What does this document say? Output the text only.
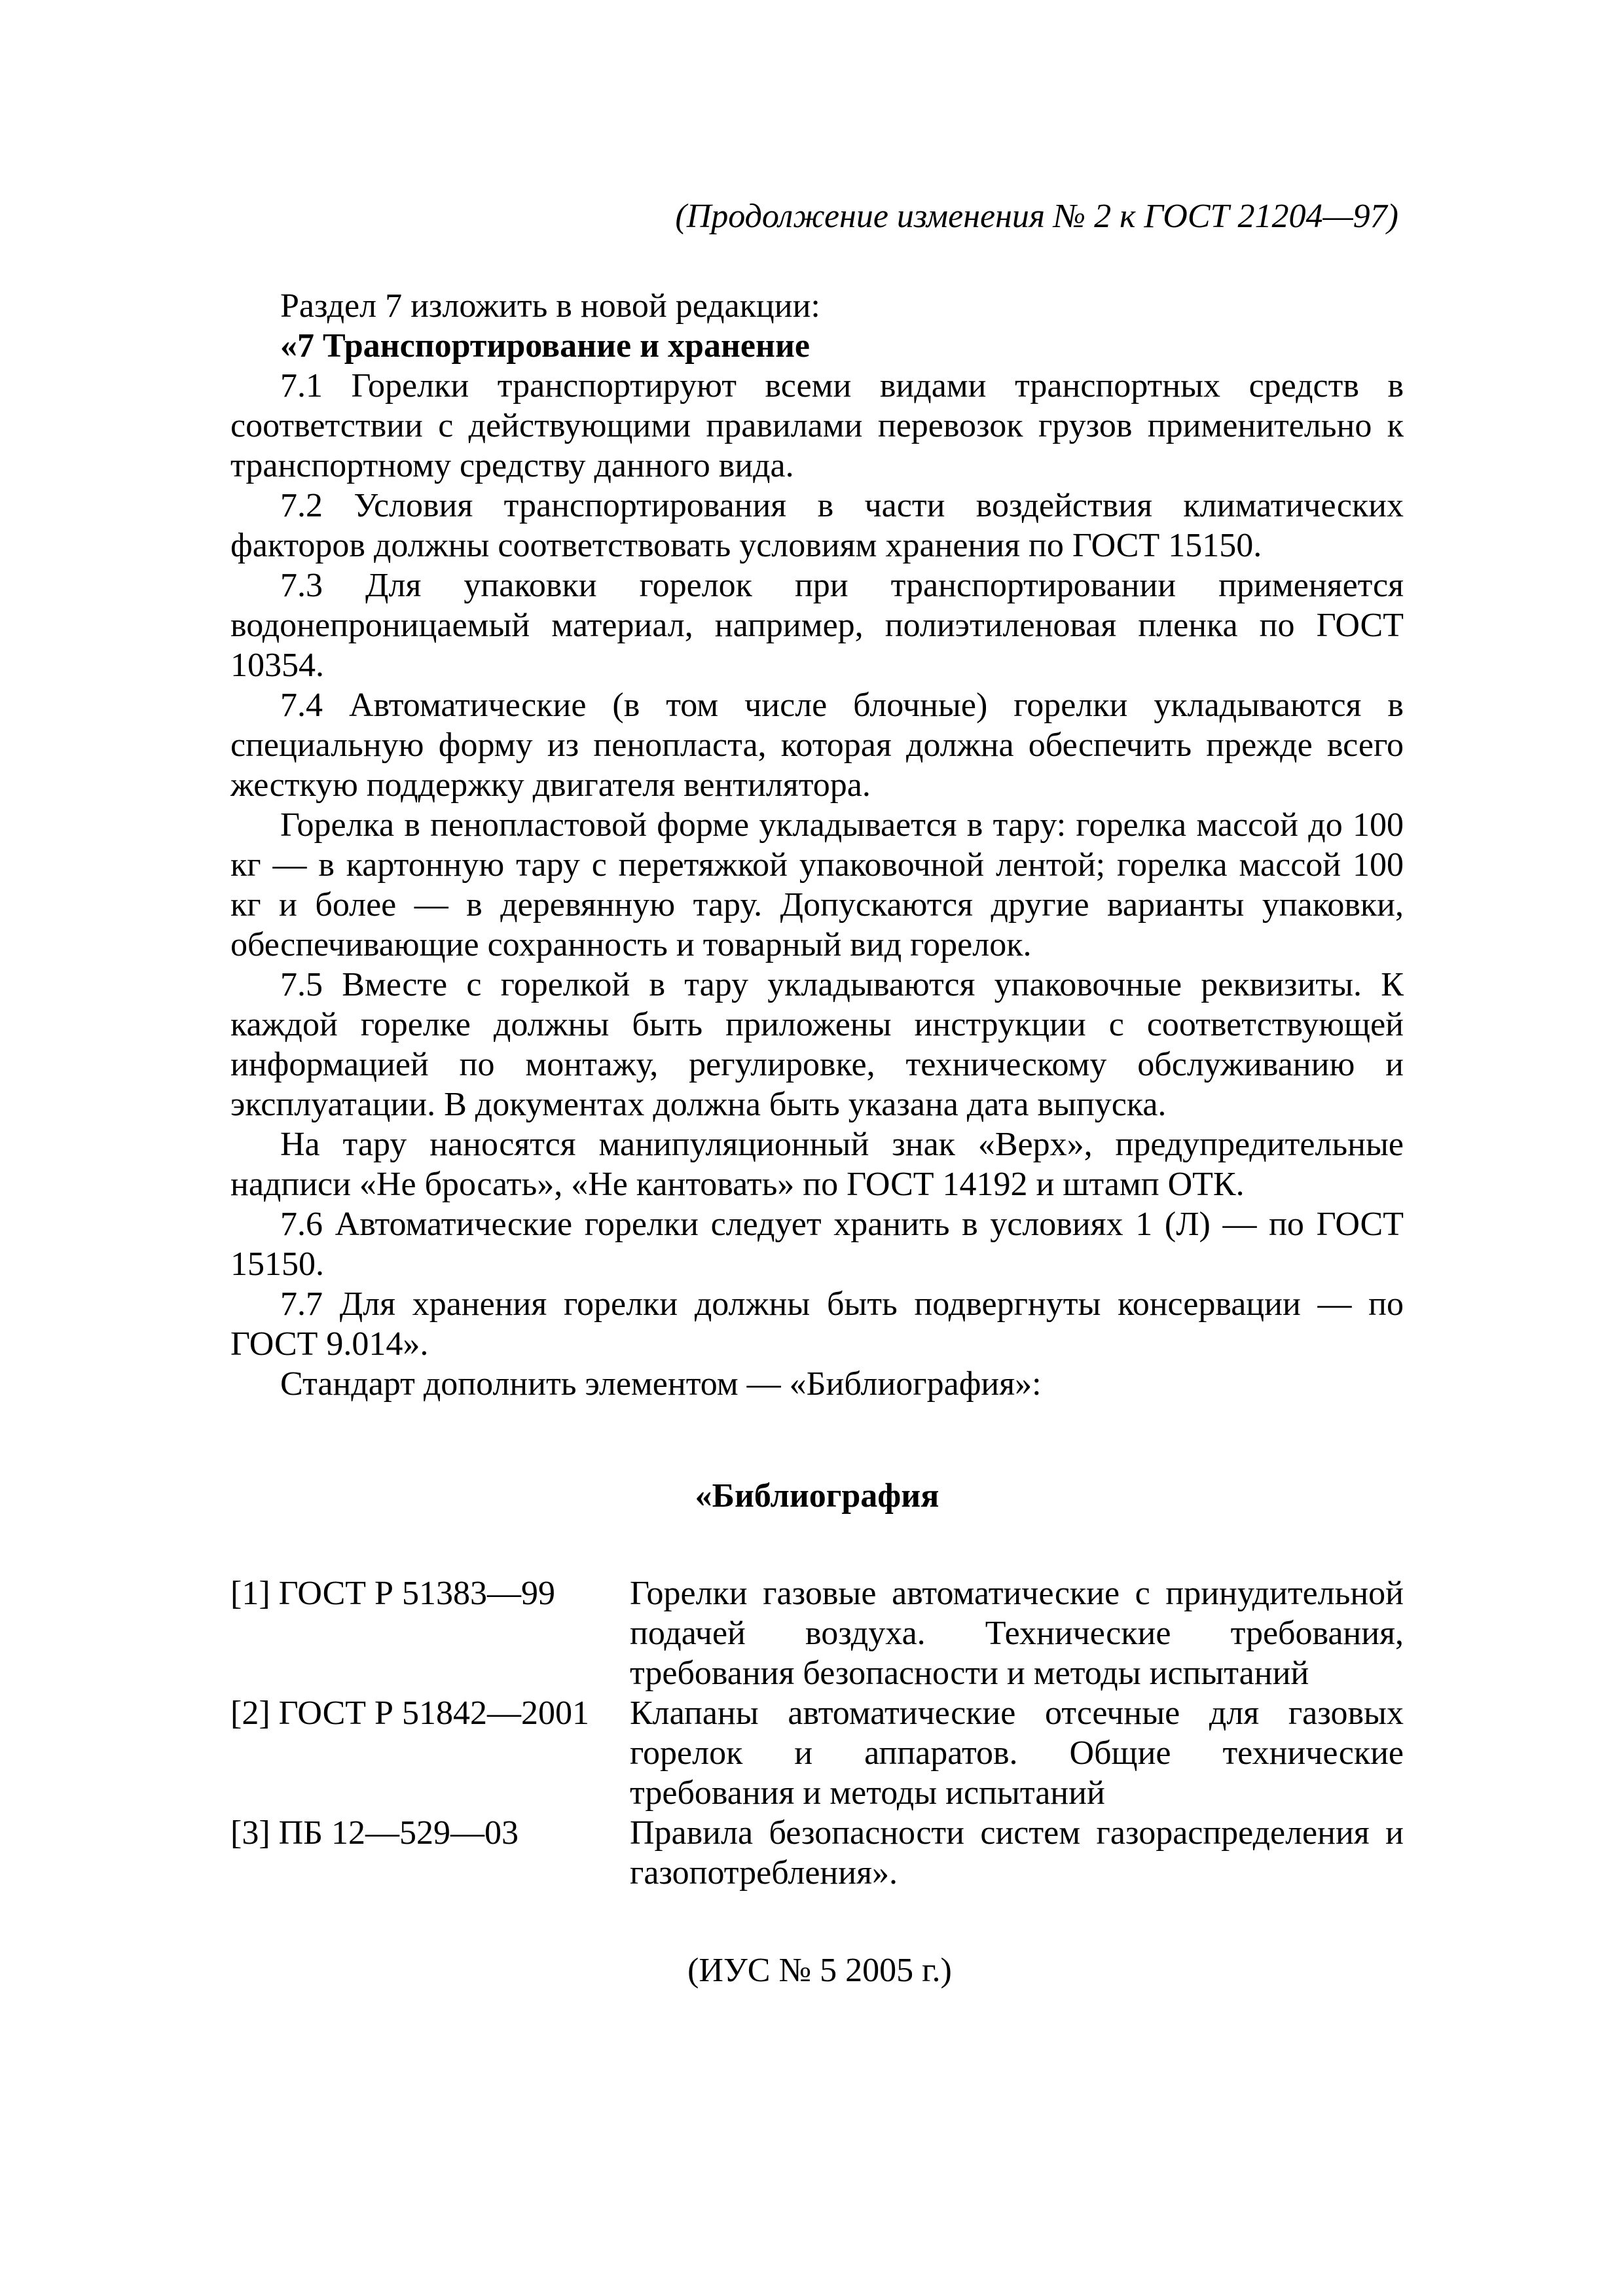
(Продолжение изменения № 2 к ГОСТ 21204—97)

Раздел 7 изложить в новой редакции:

«7 Транспортирование и хранение

7.1 Горелки транспортируют всеми видами транспортных средств в соответствии с действующими правилами перевозок грузов применительно к транспортному средству данного вида.

7.2 Условия транспортирования в части воздействия климатических факторов должны соответствовать условиям хранения по ГОСТ 15150.

7.3 Для упаковки горелок при транспортировании применяется водонепроницаемый материал, например, полиэтиленовая пленка по ГОСТ 10354.

7.4 Автоматические (в том числе блочные) горелки укладываются в специальную форму из пенопласта, которая должна обеспечить прежде всего жесткую поддержку двигателя вентилятора.

Горелка в пенопластовой форме укладывается в тару: горелка массой до 100 кг — в картонную тару с перетяжкой упаковочной лентой; горелка массой 100 кг и более — в деревянную тару. Допускаются другие варианты упаковки, обеспечивающие сохранность и товарный вид горелок.

7.5 Вместе с горелкой в тару укладываются упаковочные реквизиты. К каждой горелке должны быть приложены инструкции с соответствующей информацией по монтажу, регулировке, техническому обслуживанию и эксплуатации. В документах должна быть указана дата выпуска.

На тару наносятся манипуляционный знак «Верх», предупредительные надписи «Не бросать», «Не кантовать» по ГОСТ 14192 и штамп ОТК.

7.6 Автоматические горелки следует хранить в условиях 1 (Л) — по ГОСТ 15150.

7.7 Для хранения горелки должны быть подвергнуты консервации — по ГОСТ 9.014».

Стандарт дополнить элементом — «Библиография»:

«Библиография
[1] ГОСТ Р 51383—99	Горелки газовые автоматические с принудительной подачей воздуха. Технические требования, требования безопасности и методы испытаний
[2] ГОСТ Р 51842—2001	Клапаны автоматические отсечные для газовых горелок и аппаратов. Общие технические требования и методы испытаний
[3] ПБ 12—529—03	Правила безопасности систем газораспределения и газопотребления».
(ИУС № 5 2005 г.)
